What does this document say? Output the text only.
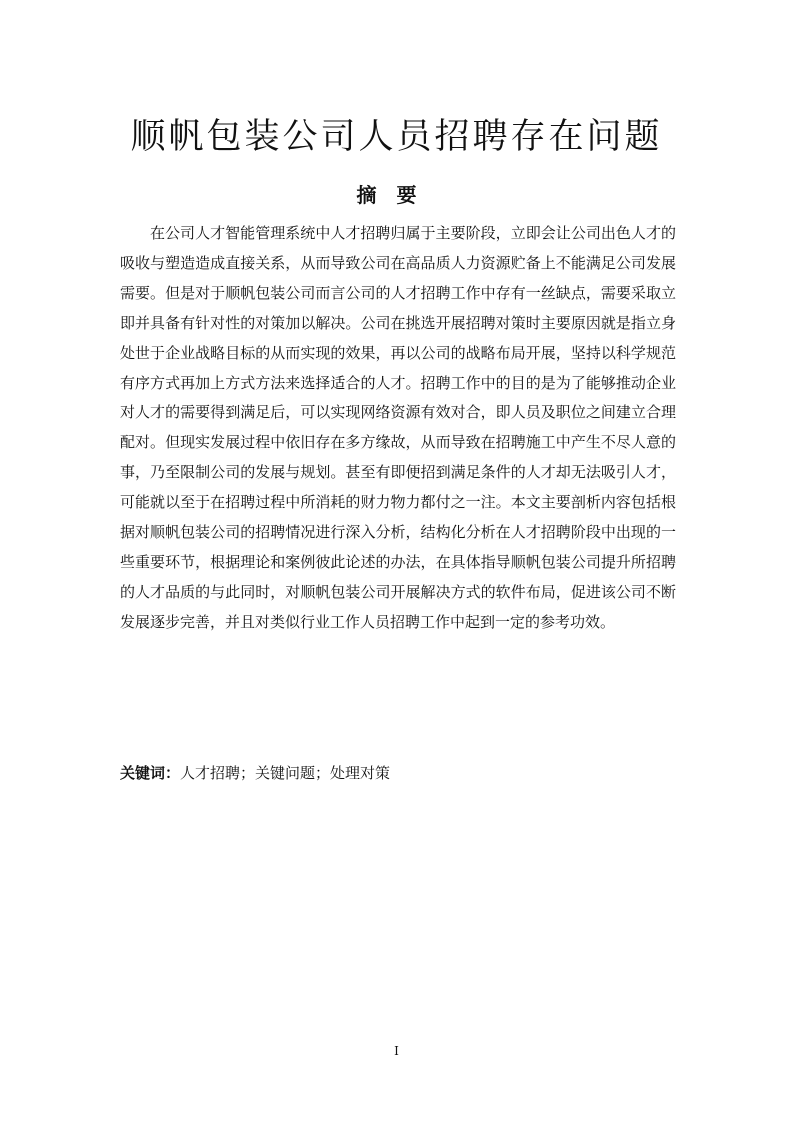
顺帆包装公司人员招聘存在问题
摘要

在公司人才智能管理系统中人才招聘归属于主要阶段，立即会让公司出色人才的吸收与塑造造成直接关系，从而导致公司在高品质人力资源贮备上不能满足公司发展需要。但是对于顺帆包装公司而言公司的人才招聘工作中存有一丝缺点，需要采取立即并具备有针对性的对策加以解决。公司在挑选开展招聘对策时主要原因就是指立身处世于企业战略目标的从而实现的效果，再以公司的战略布局开展，坚持以科学规范有序方式再加上方式方法来选择适合的人才。招聘工作中的目的是为了能够推动企业对人才的需要得到满足后，可以实现网络资源有效对合，即人员及职位之间建立合理配对。但现实发展过程中依旧存在多方缘故，从而导致在招聘施工中产生不尽人意的事，乃至限制公司的发展与规划。甚至有即便招到满足条件的人才却无法吸引人才，可能就以至于在招聘过程中所消耗的财力物力都付之一注。本文主要剖析内容包括根据对顺帆包装公司的招聘情况进行深入分析，结构化分析在人才招聘阶段中出现的一些重要环节，根据理论和案例彼此论述的办法，在具体指导顺帆包装公司提升所招聘的人才品质的与此同时，对顺帆包装公司开展解决方式的软件布局，促进该公司不断发展逐步完善，并且对类似行业工作人员招聘工作中起到一定的参考功效。

关键词：人才招聘；关键问题；处理对策
I
